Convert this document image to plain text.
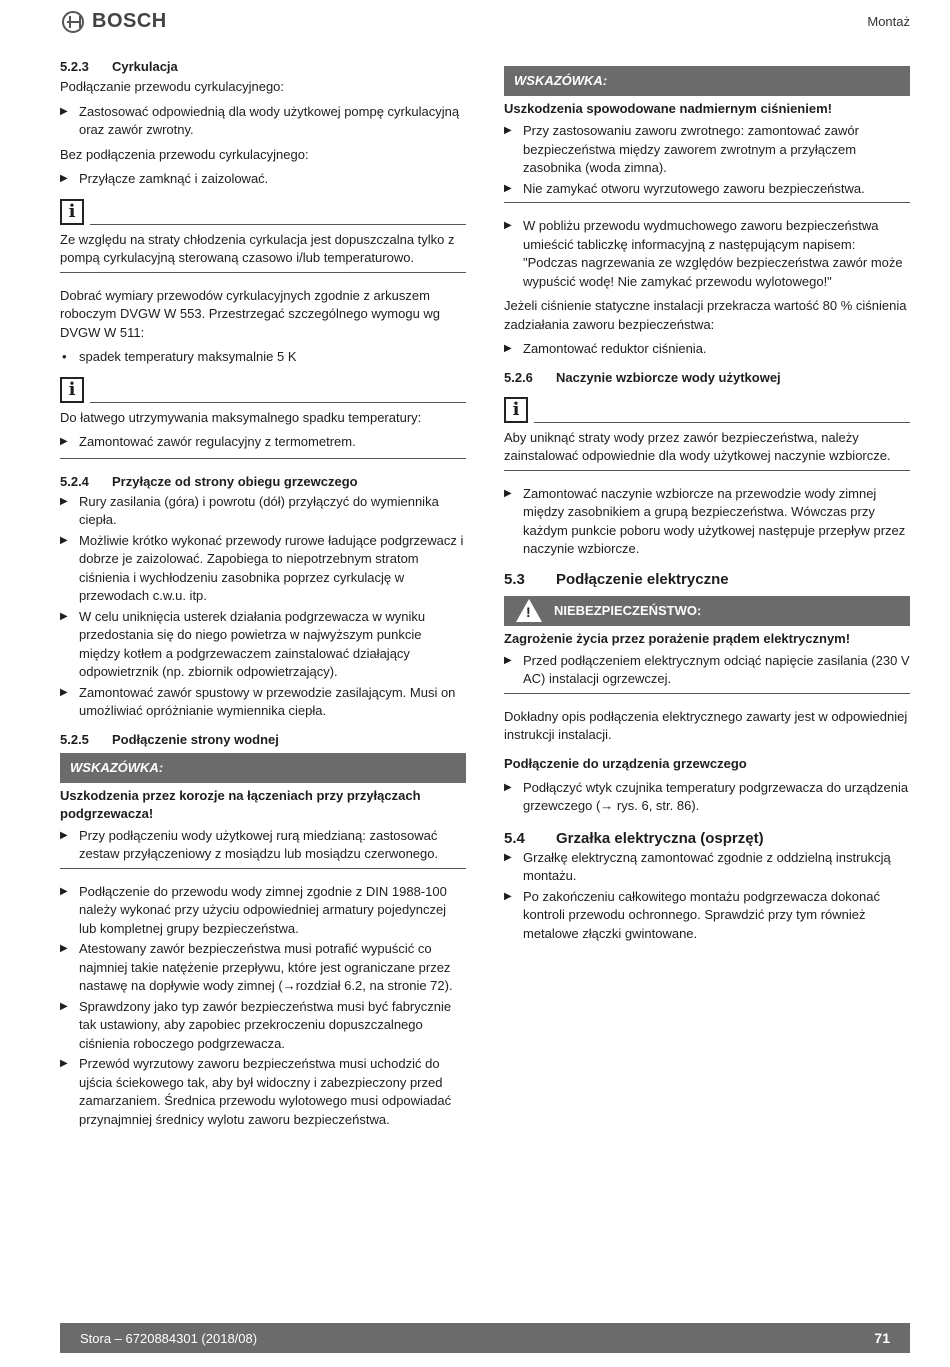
BOSCH	Montaż
5.2.3 Cyrkulacja

Podłączanie przewodu cyrkulacyjnego:

▶ Zastosować odpowiednią dla wody użytkowej pompę cyrkulacyjną oraz zawór zwrotny.

Bez podłączenia przewodu cyrkulacyjnego:

▶ Przyłącze zamknąć i zaizolować.
i

Ze względu na straty chłodzenia cyrkulacja jest dopuszczalna tylko z pompą cyrkulacyjną sterowaną czasowo i/lub temperaturowo.

Dobrać wymiary przewodów cyrkulacyjnych zgodnie z arkuszem roboczym DVGW W 553. Przestrzegać szczególnego wymogu wg DVGW W 511:

• spadek temperatury maksymalnie 5 K
i

Do łatwego utrzymywania maksymalnego spadku temperatury:

▶ Zamontować zawór regulacyjny z termometrem.
5.2.4 Przyłącze od strony obiegu grzewczego
▶ Rury zasilania (góra) i powrotu (dół) przyłączyć do wymiennika ciepła.
▶ Możliwie krótko wykonać przewody rurowe ładujące podgrzewacz i dobrze je zaizolować. Zapobiega to niepotrzebnym stratom ciśnienia i wychłodzeniu zasobnika poprzez cyrkulację w przewodach c.w.u. itp.
▶ W celu uniknięcia usterek działania podgrzewacza w wyniku przedostania się do niego powietrza w najwyższym punkcie między kotłem a podgrzewaczem zainstalować działający odpowietrznik (np. zbiornik odpowietrzający).
▶ Zamontować zawór spustowy w przewodzie zasilającym. Musi on umożliwiać opróżnianie wymiennika ciepła.
5.2.5 Podłączenie strony wodnej
WSKAZÓWKA:
Uszkodzenia przez korozje na łączeniach przy przyłączach podgrzewacza!
▶ Przy podłączeniu wody użytkowej rurą miedzianą: zastosować zestaw przyłączeniowy z mosiądzu lub mosiądzu czerwonego.
▶ Podłączenie do przewodu wody zimnej zgodnie z DIN 1988-100 należy wykonać przy użyciu odpowiedniej armatury pojedynczej lub kompletnej grupy bezpieczeństwa.
▶ Atestowany zawór bezpieczeństwa musi potrafić wypuścić co najmniej takie natężenie przepływu, które jest ograniczane przez nastawę na dopływie wody zimnej (→rozdział 6.2, na stronie 72).
▶ Sprawdzony jako typ zawór bezpieczeństwa musi być fabrycznie tak ustawiony, aby zapobiec przekroczeniu dopuszczalnego ciśnienia roboczego podgrzewacza.
▶ Przewód wyrzutowy zaworu bezpieczeństwa musi uchodzić do ujścia ściekowego tak, aby był widoczny i zabezpieczony przed zamarzaniem. Średnica przewodu wylotowego musi odpowiadać przynajmniej średnicy wylotu zaworu bezpieczeństwa.
WSKAZÓWKA:
Uszkodzenia spowodowane nadmiernym ciśnieniem!
▶ Przy zastosowaniu zaworu zwrotnego: zamontować zawór bezpieczeństwa między zaworem zwrotnym a przyłączem zasobnika (woda zimna).
▶ Nie zamykać otworu wyrzutowego zaworu bezpieczeństwa.
▶ W pobliżu przewodu wydmuchowego zaworu bezpieczeństwa umieścić tabliczkę informacyjną z następującym napisem: "Podczas nagrzewania ze względów bezpieczeństwa zawór może wypuścić wodę! Nie zamykać przewodu wylotowego!"

Jeżeli ciśnienie statyczne instalacji przekracza wartość 80 % ciśnienia zadziałania zaworu bezpieczeństwa:

▶ Zamontować reduktor ciśnienia.
5.2.6 Naczynie wzbiorcze wody użytkowej
i

Aby uniknąć straty wody przez zawór bezpieczeństwa, należy zainstalować odpowiednie dla wody użytkowej naczynie wzbiorcze.

▶ Zamontować naczynie wzbiorcze na przewodzie wody zimnej między zasobnikiem a grupą bezpieczeństwa. Wówczas przy każdym punkcie poboru wody użytkowej następuje przepływ przez naczynie wzbiorcze.
5.3 Podłączenie elektryczne
! NIEBEZPIECZEŃSTWO:
Zagrożenie życia przez porażenie prądem elektrycznym!
▶ Przed podłączeniem elektrycznym odciąć napięcie zasilania (230 V AC) instalacji ogrzewczej.

Dokładny opis podłączenia elektrycznego zawarty jest w odpowiedniej instrukcji instalacji.

Podłączenie do urządzenia grzewczego
▶ Podłączyć wtyk czujnika temperatury podgrzewacza do urządzenia grzewczego (→ rys. 6, str. 86).
5.4 Grzałka elektryczna (osprzęt)
▶ Grzałkę elektryczną zamontować zgodnie z oddzielną instrukcją montażu.
▶ Po zakończeniu całkowitego montażu podgrzewacza dokonać kontroli przewodu ochronnego. Sprawdzić przy tym również metalowe złączki gwintowane.
Stora – 6720884301 (2018/08)	71
